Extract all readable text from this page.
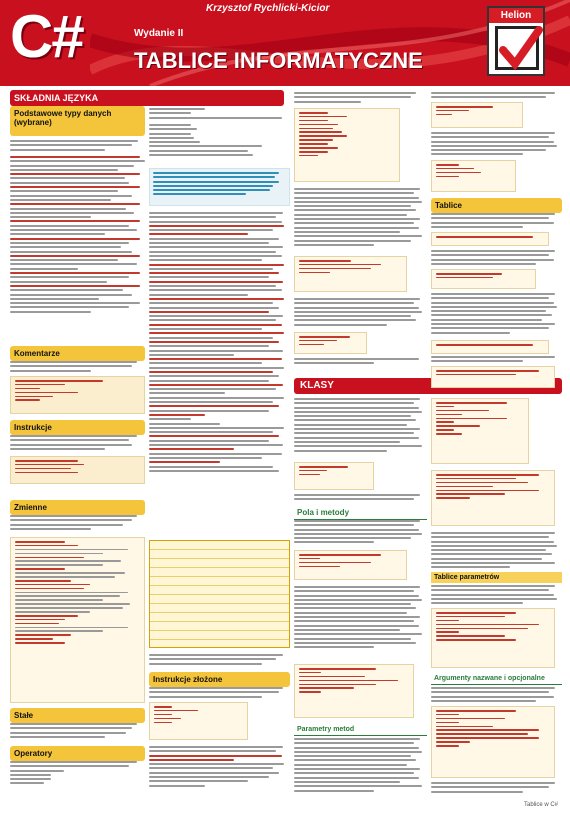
C#	Krzysztof Rychlicki-Kicior
Wydanie II
TABLICE INFORMATYCZNE
Helion
SKŁADNIA JĘZYKA
Podstawowe typy danych (wybrane)
Komentarze
Instrukcje
Zmienne
Stałe
Operatory
Instrukcje złożone
KLASY
Pola i metody
Parametry metod
Tablice
Tablice parametrów
Argumenty nazwane i opcjonalne
Tablice w C#
